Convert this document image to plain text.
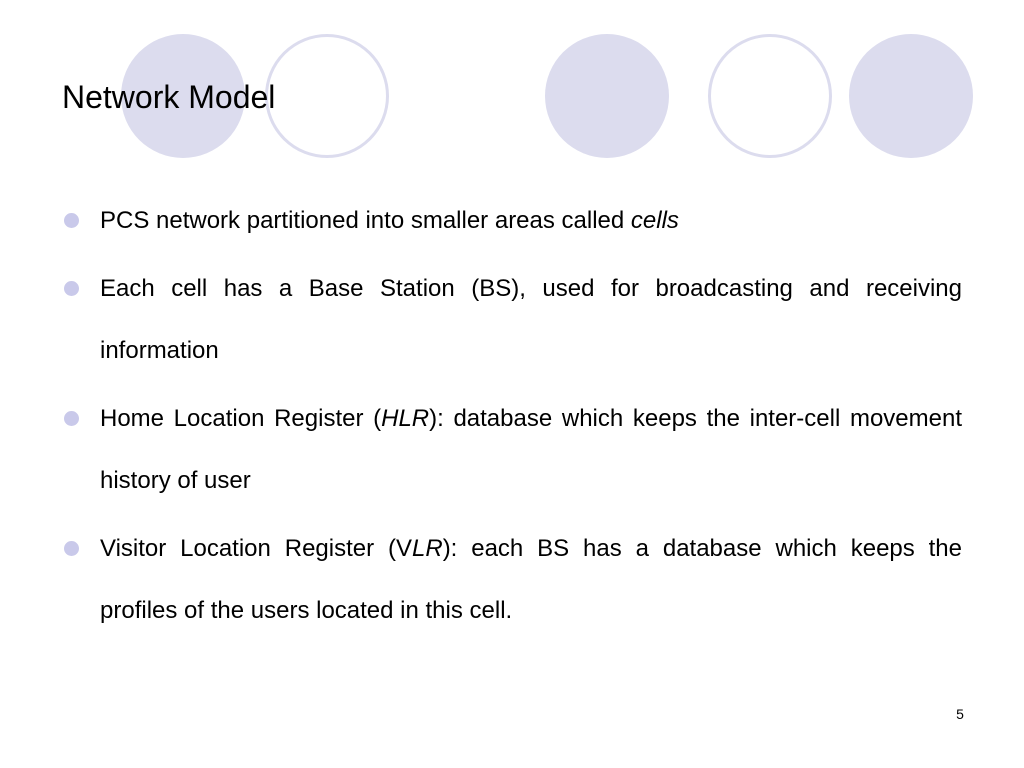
Network Model
PCS network partitioned into smaller areas called cells
Each cell has a Base Station (BS), used for broadcasting and receiving information
Home Location Register (HLR): database which keeps the inter-cell movement history of user
Visitor Location Register (VLR): each BS has a database which keeps the profiles of the users located in this cell.
5
